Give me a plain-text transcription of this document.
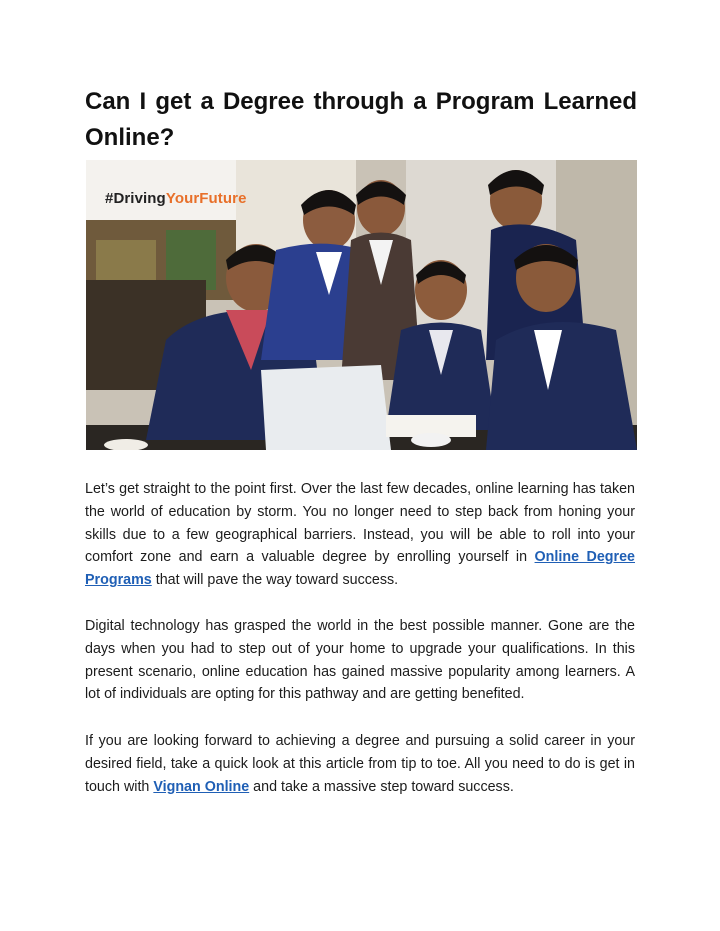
Can I get a Degree through a Program Learned Online?
#DrivingYourFuture

Let’s get straight to the point first. Over the last few decades, online learning has taken the world of education by storm. You no longer need to step back from honing your skills due to a few geographical barriers. Instead, you will be able to roll into your comfort zone and earn a valuable degree by enrolling yourself in Online Degree Programs that will pave the way toward success.

Digital technology has grasped the world in the best possible manner. Gone are the days when you had to step out of your home to upgrade your qualifications. In this present scenario, online education has gained massive popularity among learners. A lot of individuals are opting for this pathway and are getting benefited.

If you are looking forward to achieving a degree and pursuing a solid career in your desired field, take a quick look at this article from tip to toe. All you need to do is get in touch with Vignan Online and take a massive step toward success.
